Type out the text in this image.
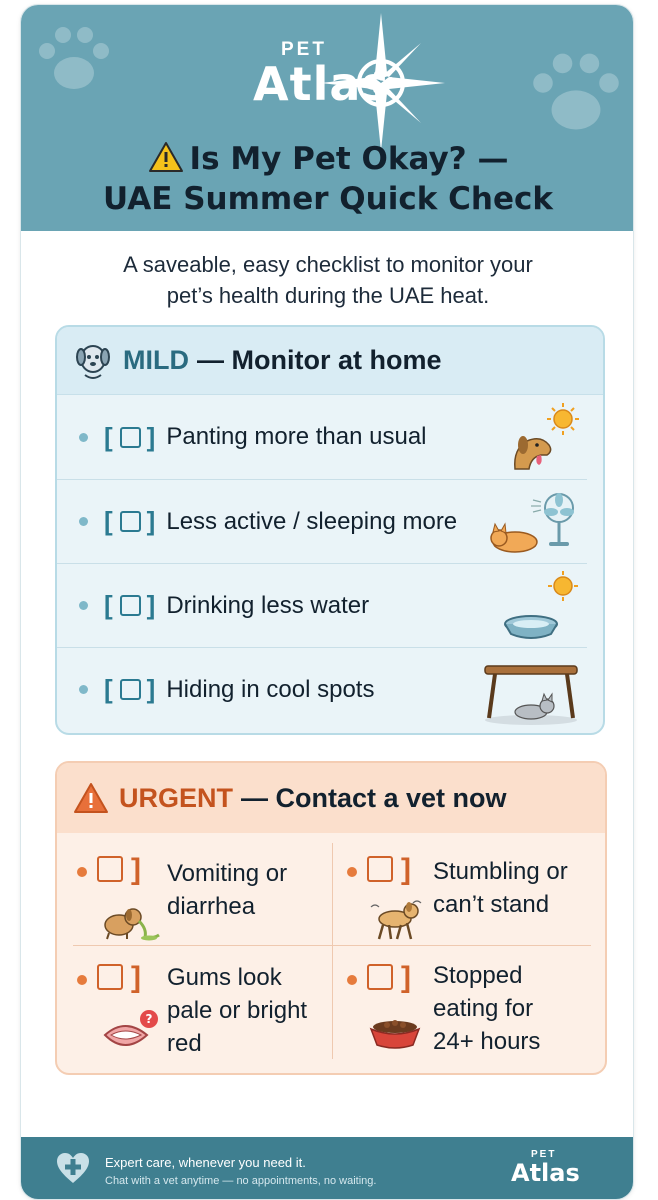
PET
Atlas
Is My Pet Okay? —
UAE Summer Quick Check
A saveable, easy checklist to monitor your
pet’s health during the UAE heat.
MILD — Monitor at home
[ ] Panting more than usual
[ ] Less active / sleeping more
[ ] Drinking less water
[ ] Hiding in cool spots
URGENT — Contact a vet now
] Vomiting or
diarrhea
] Stumbling or
can’t stand
] Gums look
pale or bright
red
?
] Stopped
eating for
24+ hours
Expert care, whenever you need it.
Chat with a vet anytime — no appointments, no waiting.
PET
Atlas
